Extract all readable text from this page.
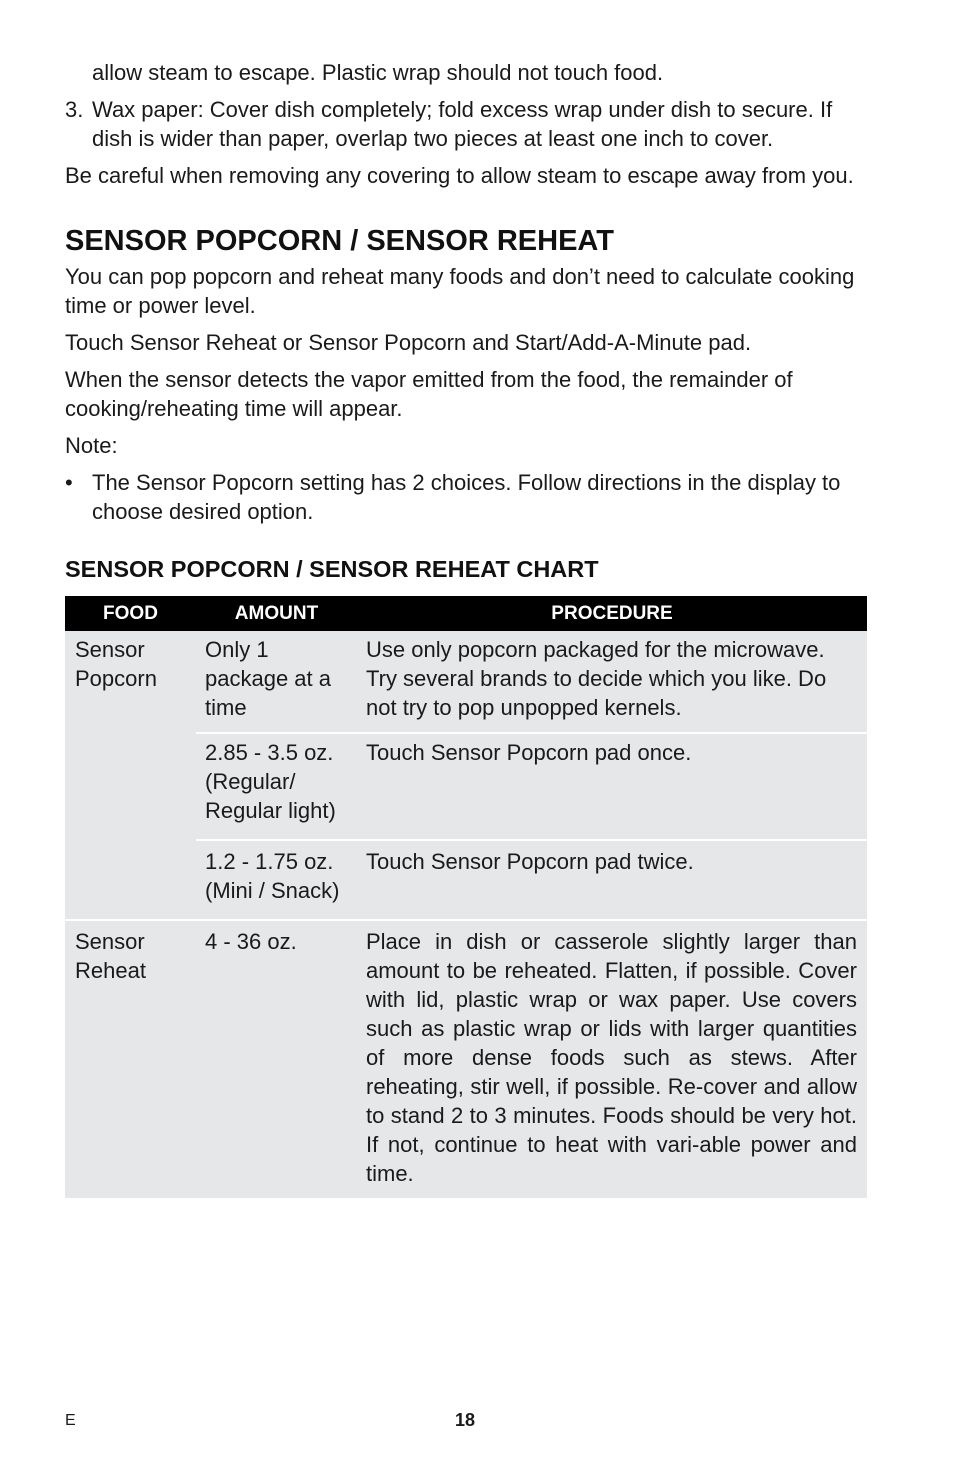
allow steam to escape. Plastic wrap should not touch food.

3. Wax paper: Cover dish completely; fold excess wrap under dish to secure. If dish is wider than paper, overlap two pieces at least one inch to cover.

Be careful when removing any covering to allow steam to escape away from you.

SENSOR POPCORN / SENSOR REHEAT

You can pop popcorn and reheat many foods and don’t need to calculate cooking time or power level.

Touch Sensor Reheat or Sensor Popcorn and Start/Add-A-Minute pad.

When the sensor detects the vapor emitted from the food, the remainder of cooking/reheating time will appear.

Note:

• The Sensor Popcorn setting has 2 choices. Follow directions in the display to choose desired option.

SENSOR POPCORN / SENSOR REHEAT CHART
FOOD	AMOUNT	PROCEDURE
Sensor Popcorn	Only 1 package at a time	Use only popcorn packaged for the microwave. Try several brands to decide which you like. Do not try to pop unpopped kernels.
	2.85 - 3.5 oz. (Regular/ Regular light)	Touch Sensor Popcorn pad once.
	1.2 - 1.75 oz. (Mini / Snack)	Touch Sensor Popcorn pad twice.
Sensor Reheat	4 - 36 oz.	Place in dish or casserole slightly larger than amount to be reheated. Flatten, if possible. Cover with lid, plastic wrap or wax paper. Use covers such as plastic wrap or lids with larger quantities of more dense foods such as stews. After reheating, stir well, if possible. Re-cover and allow to stand 2 to 3 minutes. Foods should be very hot. If not, continue to heat with vari-able power and time.
E	18
